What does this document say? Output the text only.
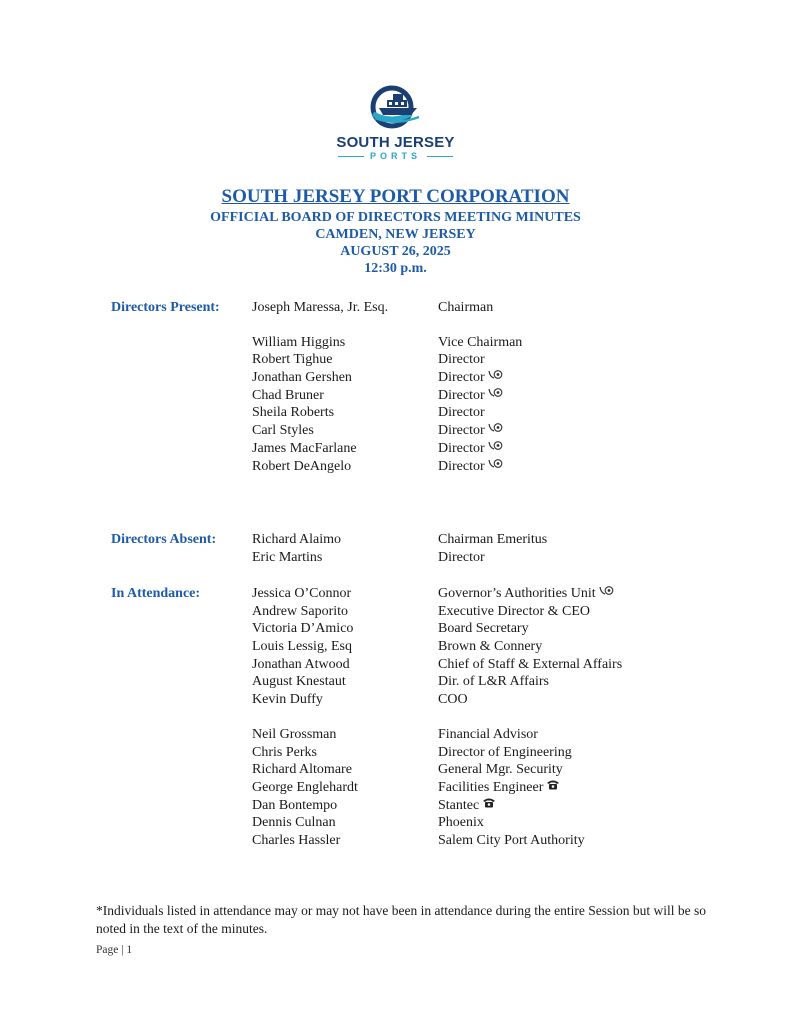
SOUTH JERSEY
PORTS
SOUTH JERSEY PORT CORPORATION
OFFICIAL BOARD OF DIRECTORS MEETING MINUTES
CAMDEN, NEW JERSEY
AUGUST 26, 2025
12:30 p.m.
Directors Present: Joseph Maressa, Jr. Esq.	Chairman
William Higgins	Vice Chairman
Robert Tighue	Director
Jonathan Gershen	Director
Chad Bruner	Director
Sheila Roberts	Director
Carl Styles	Director
James MacFarlane	Director
Robert DeAngelo	Director
Directors Absent:	Richard Alaimo	Chairman Emeritus
Eric Martins	Director
In Attendance:	Jessica O’Connor	Governor’s Authorities Unit
Andrew Saporito	Executive Director & CEO
Victoria D’Amico	Board Secretary
Louis Lessig, Esq	Brown & Connery
Jonathan Atwood	Chief of Staff & External Affairs
August Knestaut	Dir. of L&R Affairs
Kevin Duffy	COO
Neil Grossman	Financial Advisor
Chris Perks	Director of Engineering
Richard Altomare	General Mgr. Security
George Englehardt	Facilities Engineer
Dan Bontempo	Stantec
Dennis Culnan	Phoenix
Charles Hassler	Salem City Port Authority
*Individuals listed in attendance may or may not have been in attendance during the entire Session but will be so noted in the text of the minutes.
Page | 1
